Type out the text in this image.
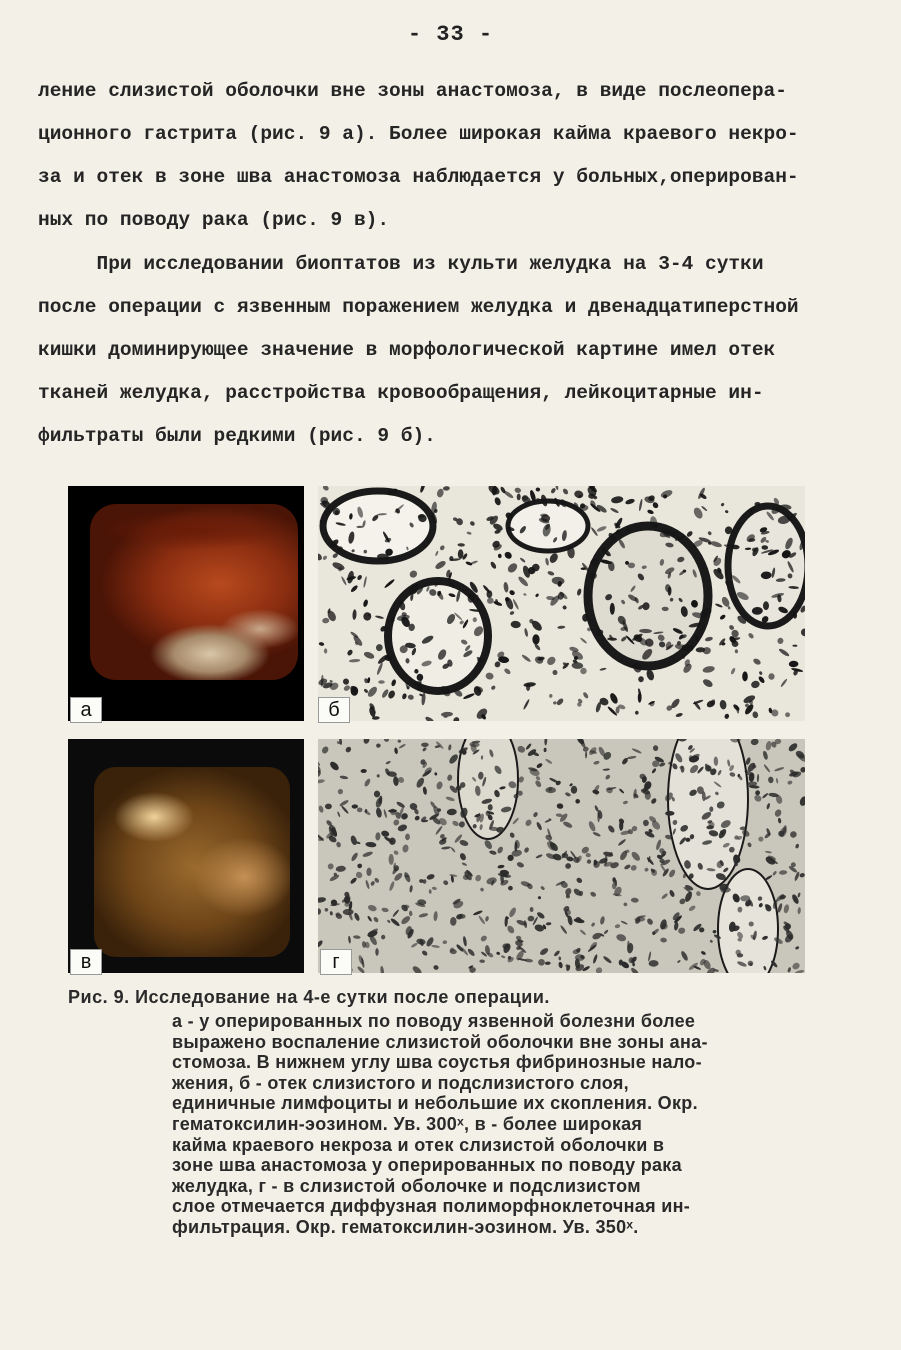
- 33 -
ление слизистой оболочки вне зоны анастомоза, в виде послеопера-
ционного гастрита (рис. 9 а). Более широкая кайма краевого некро-
за и отек в зоне шва анастомоза наблюдается у больных,оперирован-
ных по поводу рака (рис. 9 в).
При исследовании биоптатов из культи желудка на 3-4 сутки
после операции с язвенным поражением желудка и двенадцатиперстной
кишки доминирующее значение в морфологической картине имел отек
тканей желудка, расстройства кровообращения, лейкоцитарные ин-
фильтраты были редкими (рис. 9 б).
а	б
в	г
Рис. 9. Исследование на 4-е сутки после операции.
а - у оперированных по поводу язвенной болезни более
выражено воспаление слизистой оболочки вне зоны ана-
стомоза. В нижнем углу шва соустья фибринозные нало-
жения, б - отек слизистого и подслизистого слоя,
единичные лимфоциты и небольшие их скопления. Окр.
гематоксилин-эозином. Ув. 300ˣ, в - более широкая
кайма краевого некроза и отек слизистой оболочки в
зоне шва анастомоза у оперированных по поводу рака
желудка, г - в слизистой оболочке и подслизистом
слое отмечается диффузная полиморфноклеточная ин-
фильтрация. Окр. гематоксилин-эозином. Ув. 350ˣ.
